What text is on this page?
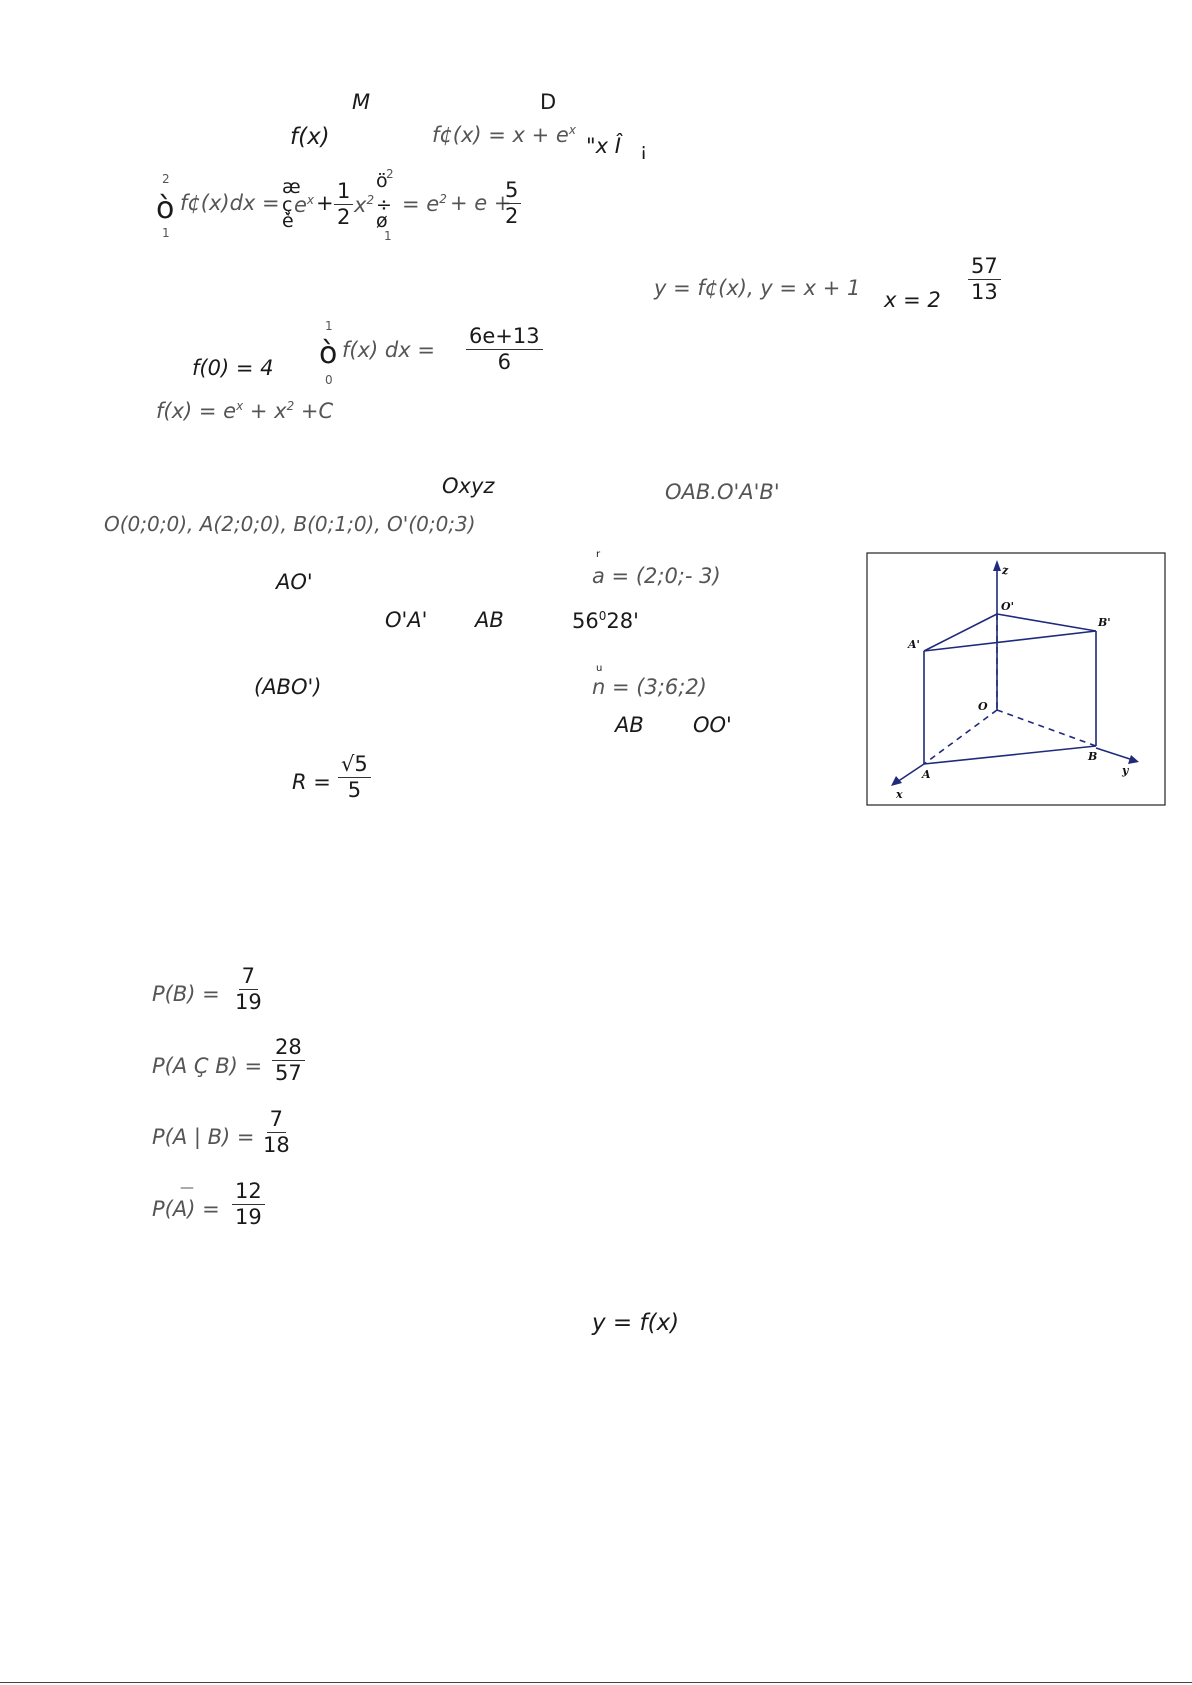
M	D
f(x)	f¢(x) = $x + e^x$
"x Î ¡
2
ò
1
f¢(x)dx =
æ
ç
è
$e^x + \frac{1}{2} x^2$
ö
÷
ø
2
1
= $e^2 + e$ +
$\frac{5}{2}$
y = f¢(x), y = x + 1 $x = 2 \frac{57}{13}$
f(0) = 4
1
ò
0
f(x) dx = $\frac{6e+13}{6}$
$f(x) = e^x + x^2 +C$
Oxyz	OAB.O'A'B'
O(0;0;0), A(2;0;0), B(0;1;0), O'(0;0;3)
AO'
r
a = (2;0;- 3)
O'A' AB	$56^028'$
(ABO')
u
n = (3;6;2)
AB OO'
$R = \frac{√5}{5}$
$P(B) = \frac{7}{19}$
P(A Ç $B) = \frac{28}{57}$
P(A | $B) = \frac{7}{18}$
—
$P(A) = \frac{12}{19}$
y = f(x)
z
y
x
O
A
B
O'
A'
B'
